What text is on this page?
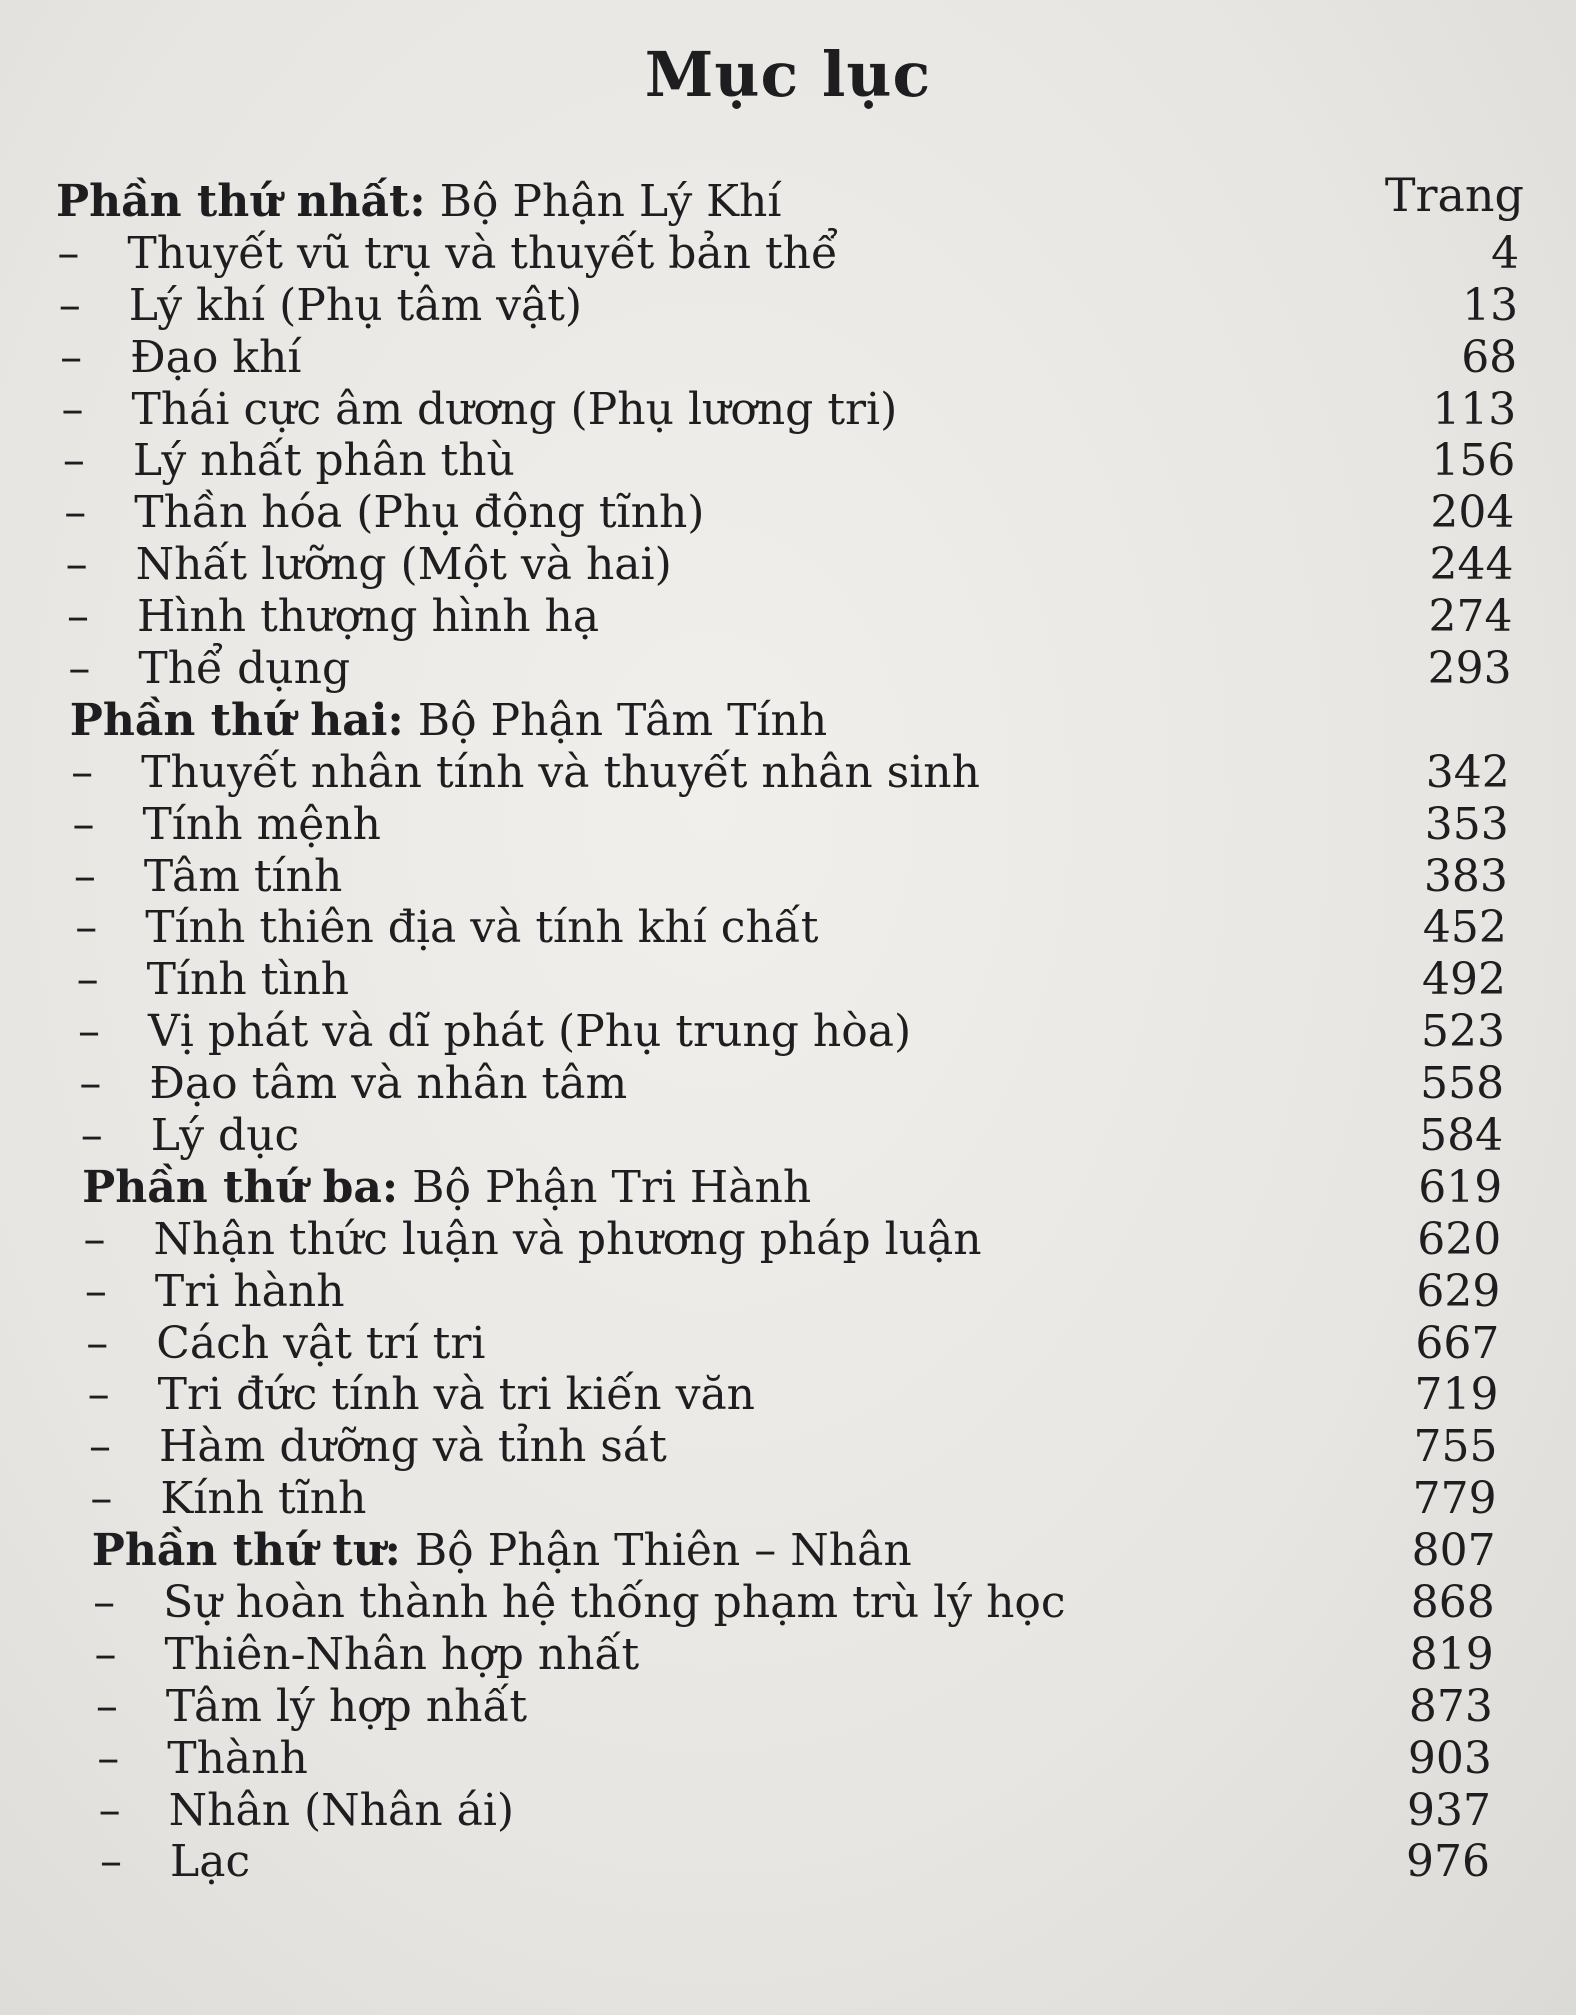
Mục lục
Trang
Phần thứ nhất: Bộ Phận Lý Khí
– Thuyết vũ trụ và thuyết bản thể	4
– Lý khí (Phụ tâm vật)	13
– Đạo khí	68
– Thái cực âm dương (Phụ lương tri)	113
– Lý nhất phân thù	156
– Thần hóa (Phụ động tĩnh)	204
– Nhất lưỡng (Một và hai)	244
– Hình thượng hình hạ	274
– Thể dụng	293
Phần thứ hai: Bộ Phận Tâm Tính
– Thuyết nhân tính và thuyết nhân sinh	342
– Tính mệnh	353
– Tâm tính	383
– Tính thiên địa và tính khí chất	452
– Tính tình	492
– Vị phát và dĩ phát (Phụ trung hòa)	523
– Đạo tâm và nhân tâm	558
– Lý dục	584
Phần thứ ba: Bộ Phận Tri Hành	619
– Nhận thức luận và phương pháp luận	620
– Tri hành	629
– Cách vật trí tri	667
– Tri đức tính và tri kiến văn	719
– Hàm dưỡng và tỉnh sát	755
– Kính tĩnh	779
Phần thứ tư: Bộ Phận Thiên – Nhân	807
– Sự hoàn thành hệ thống phạm trù lý học	868
– Thiên-Nhân hợp nhất	819
– Tâm lý hợp nhất	873
– Thành	903
– Nhân (Nhân ái)	937
– Lạc	976
